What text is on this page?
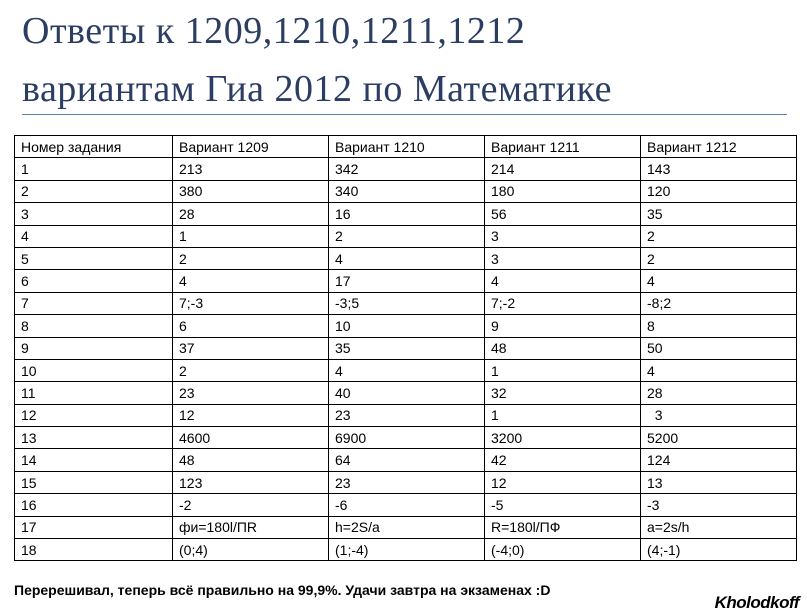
Ответы к 1209,1210,1211,1212
вариантам Гиа 2012 по Математике
Номер задания	Вариант 1209	Вариант 1210	Вариант 1211	Вариант 1212
1	213	342	214	143
2	380	340	180	120
3	28	16	56	35
4	1	2	3	2
5	2	4	3	2
6	4	17	4	4
7	7;-3	-3;5	7;-2	-8;2
8	6	10	9	8
9	37	35	48	50
10	2	4	1	4
11	23	40	32	28
12	12	23	1	3
13	4600	6900	3200	5200
14	48	64	42	124
15	123	23	12	13
16	-2	-6	-5	-3
17	фи=180l/ПR	h=2S/a	R=180l/ПФ	a=2s/h
18	(0;4)	(1;-4)	(-4;0)	(4;-1)
Перерешивал, теперь всё правильно на 99,9%. Удачи завтра на экзаменах :D
Kholodkoff
